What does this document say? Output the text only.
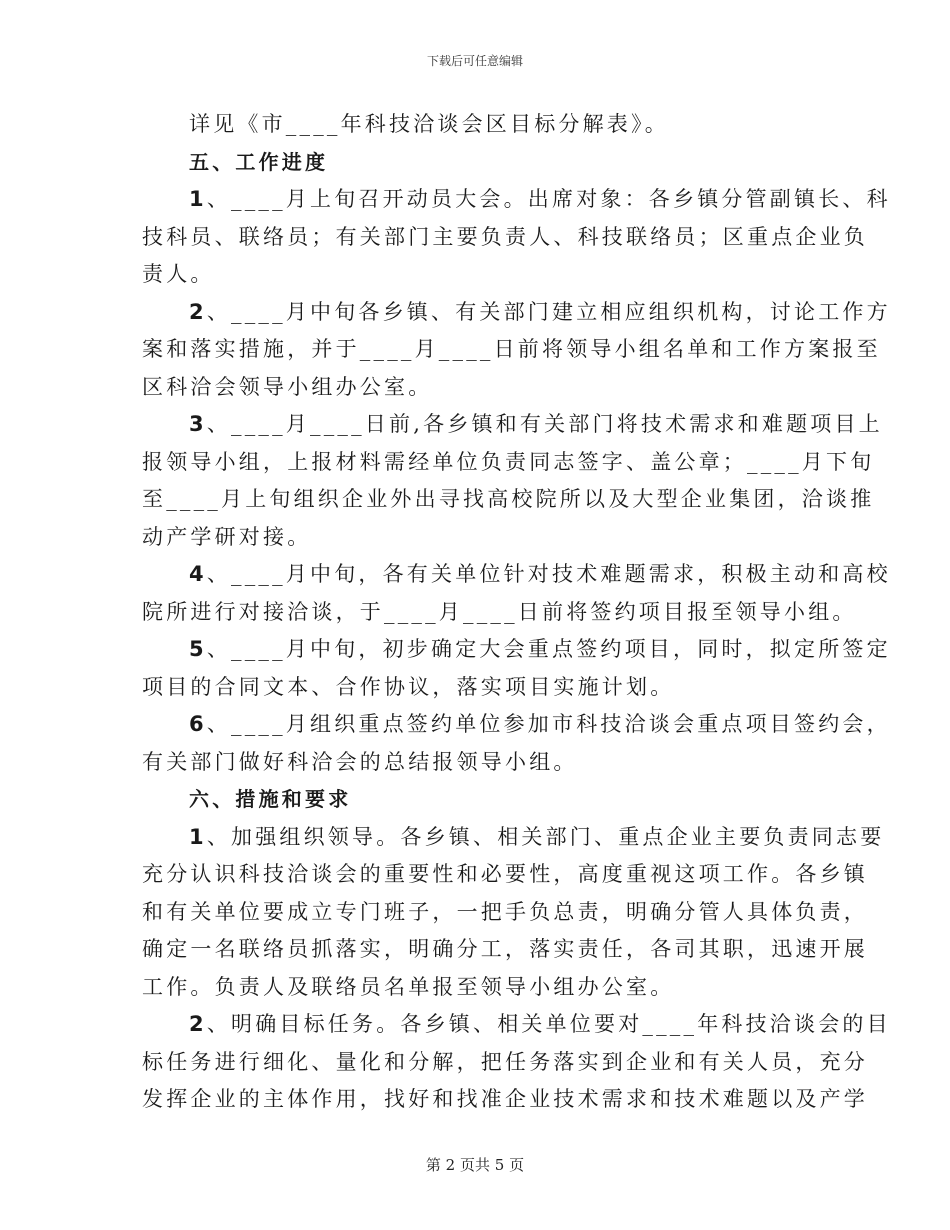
下载后可任意编辑
详见《市____年科技洽谈会区目标分解表》。
五、工作进度
1、____月上旬召开动员大会。出席对象：各乡镇分管副镇长、科
技科员、联络员；有关部门主要负责人、科技联络员；区重点企业负
责人。
2、____月中旬各乡镇、有关部门建立相应组织机构，讨论工作方
案和落实措施，并于____月____日前将领导小组名单和工作方案报至
区科洽会领导小组办公室。
3、____月____日前,各乡镇和有关部门将技术需求和难题项目上
报领导小组，上报材料需经单位负责同志签字、盖公章；____月下旬
至____月上旬组织企业外出寻找高校院所以及大型企业集团，洽谈推
动产学研对接。
4、____月中旬，各有关单位针对技术难题需求，积极主动和高校
院所进行对接洽谈，于____月____日前将签约项目报至领导小组。
5、____月中旬，初步确定大会重点签约项目，同时，拟定所签定
项目的合同文本、合作协议，落实项目实施计划。
6、____月组织重点签约单位参加市科技洽谈会重点项目签约会，
有关部门做好科洽会的总结报领导小组。
六、措施和要求
1、加强组织领导。各乡镇、相关部门、重点企业主要负责同志要
充分认识科技洽谈会的重要性和必要性，高度重视这项工作。各乡镇
和有关单位要成立专门班子，一把手负总责，明确分管人具体负责，
确定一名联络员抓落实，明确分工，落实责任，各司其职，迅速开展
工作。负责人及联络员名单报至领导小组办公室。
2、明确目标任务。各乡镇、相关单位要对____年科技洽谈会的目
标任务进行细化、量化和分解，把任务落实到企业和有关人员，充分
发挥企业的主体作用，找好和找准企业技术需求和技术难题以及产学
第 2 页共 5 页
